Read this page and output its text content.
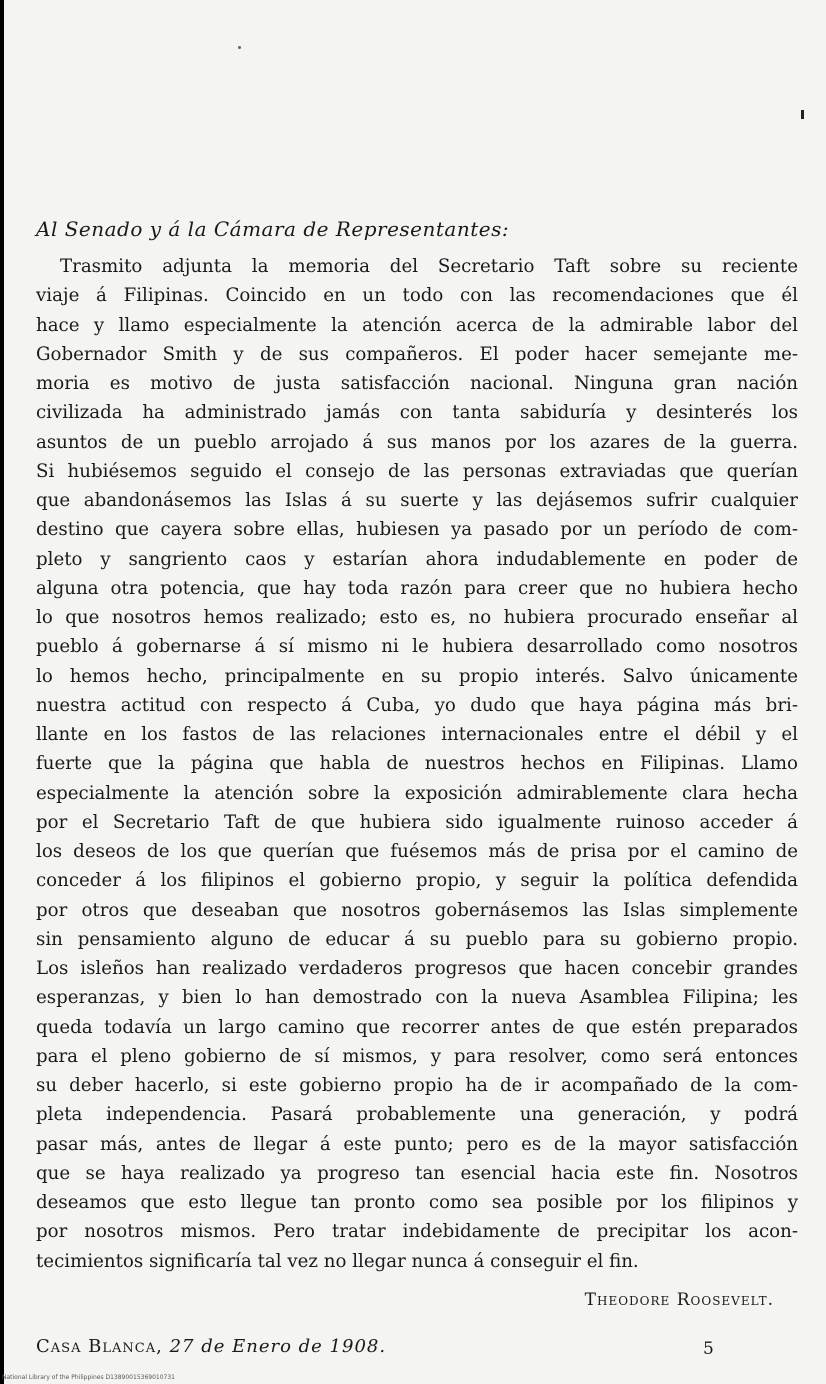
Al Senado y á la Cámara de Representantes:
Trasmito adjunta la memoria del Secretario Taft sobre su reciente
viaje á Filipinas. Coincido en un todo con las recomendaciones que él
hace y llamo especialmente la atención acerca de la admirable labor del
Gobernador Smith y de sus compañeros. El poder hacer semejante me-
moria es motivo de justa satisfacción nacional. Ninguna gran nación
civilizada ha administrado jamás con tanta sabiduría y desinterés los
asuntos de un pueblo arrojado á sus manos por los azares de la guerra.
Si hubiésemos seguido el consejo de las personas extraviadas que querían
que abandonásemos las Islas á su suerte y las dejásemos sufrir cualquier
destino que cayera sobre ellas, hubiesen ya pasado por un período de com-
pleto y sangriento caos y estarían ahora indudablemente en poder de
alguna otra potencia, que hay toda razón para creer que no hubiera hecho
lo que nosotros hemos realizado; esto es, no hubiera procurado enseñar al
pueblo á gobernarse á sí mismo ni le hubiera desarrollado como nosotros
lo hemos hecho, principalmente en su propio interés. Salvo únicamente
nuestra actitud con respecto á Cuba, yo dudo que haya página más bri-
llante en los fastos de las relaciones internacionales entre el débil y el
fuerte que la página que habla de nuestros hechos en Filipinas. Llamo
especialmente la atención sobre la exposición admirablemente clara hecha
por el Secretario Taft de que hubiera sido igualmente ruinoso acceder á
los deseos de los que querían que fuésemos más de prisa por el camino de
conceder á los filipinos el gobierno propio, y seguir la política defendida
por otros que deseaban que nosotros gobernásemos las Islas simplemente
sin pensamiento alguno de educar á su pueblo para su gobierno propio.
Los isleños han realizado verdaderos progresos que hacen concebir grandes
esperanzas, y bien lo han demostrado con la nueva Asamblea Filipina; les
queda todavía un largo camino que recorrer antes de que estén preparados
para el pleno gobierno de sí mismos, y para resolver, como será entonces
su deber hacerlo, si este gobierno propio ha de ir acompañado de la com-
pleta independencia. Pasará probablemente una generación, y podrá
pasar más, antes de llegar á este punto; pero es de la mayor satisfacción
que se haya realizado ya progreso tan esencial hacia este fin. Nosotros
deseamos que esto llegue tan pronto como sea posible por los filipinos y
por nosotros mismos. Pero tratar indebidamente de precipitar los acon-
tecimientos significaría tal vez no llegar nunca á conseguir el fin.
Theodore Roosevelt.
Casa Blanca, 27 de Enero de 1908.	5
National Library of the Philippines D13890015369010731
